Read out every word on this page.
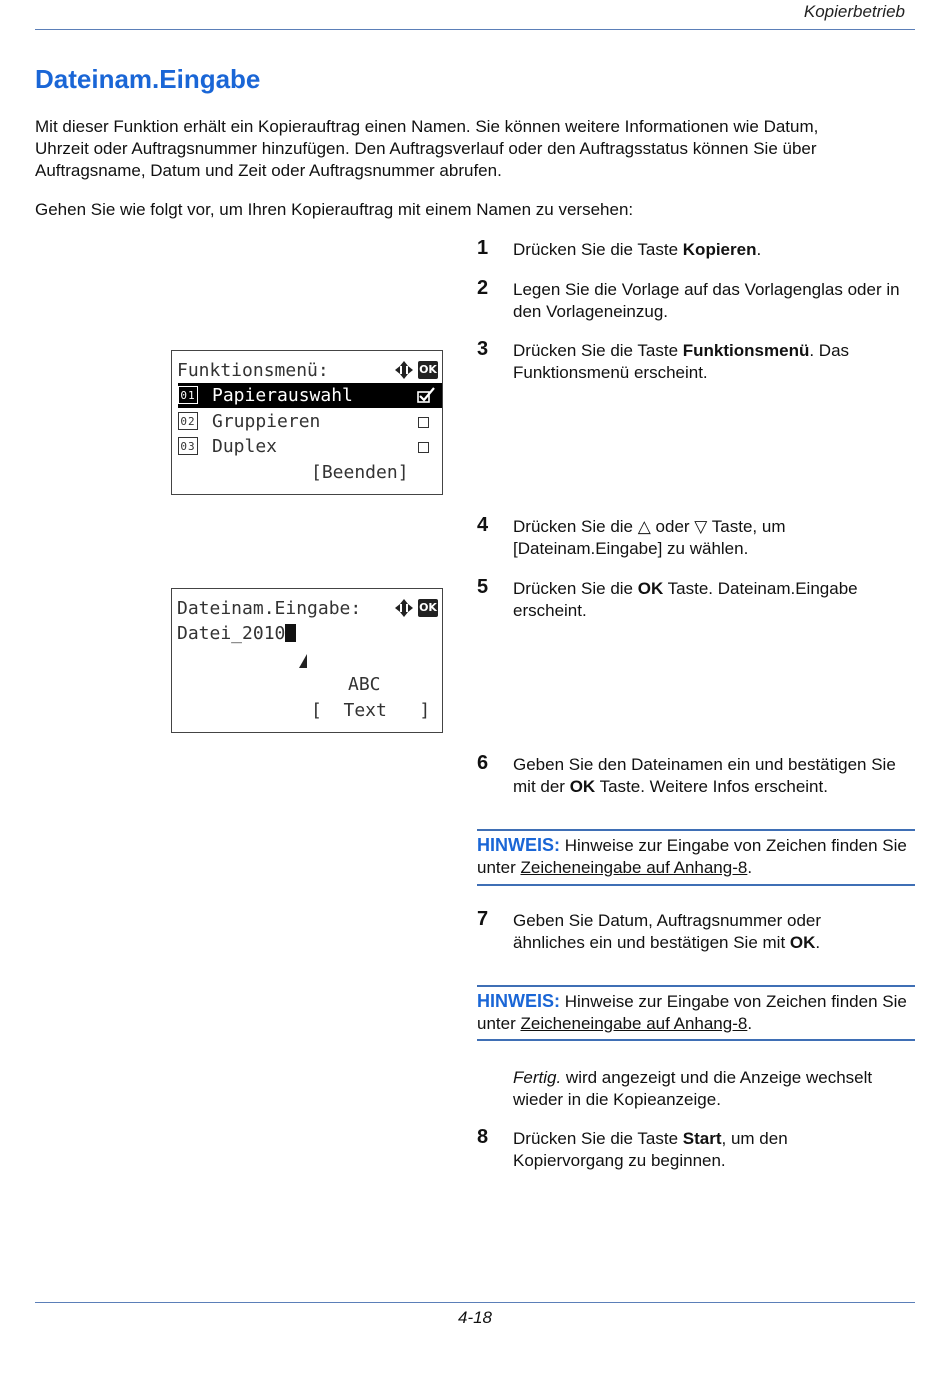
Kopierbetrieb
Dateinam.Eingabe
Mit dieser Funktion erhält ein Kopierauftrag einen Namen. Sie können weitere Informationen wie Datum,
Uhrzeit oder Auftragsnummer hinzufügen. Den Auftragsverlauf oder den Auftragsstatus können Sie über
Auftragsname, Datum und Zeit oder Auftragsnummer abrufen.
Gehen Sie wie folgt vor, um Ihren Kopierauftrag mit einem Namen zu versehen:
1 Drücken Sie die Taste Kopieren.
2 Legen Sie die Vorlage auf das Vorlagenglas oder in den Vorlageneinzug.
3 Drücken Sie die Taste Funktionsmenü. Das Funktionsmenü erscheint.
Funktionsmenü:	OK
01 Papierauswahl
02 Gruppieren
03 Duplex
[Beenden]
4 Drücken Sie die △ oder ▽ Taste, um [Dateinam.Eingabe] zu wählen.
5 Drücken Sie die OK Taste. Dateinam.Eingabe erscheint.
Dateinam.Eingabe:	OK
Datei_2010
ABC
[  Text   ]
6 Geben Sie den Dateinamen ein und bestätigen Sie mit der OK Taste. Weitere Infos erscheint.
HINWEIS: Hinweise zur Eingabe von Zeichen finden Sie unter Zeicheneingabe auf Anhang-8.
7 Geben Sie Datum, Auftragsnummer oder ähnliches ein und bestätigen Sie mit OK.
HINWEIS: Hinweise zur Eingabe von Zeichen finden Sie unter Zeicheneingabe auf Anhang-8.
Fertig. wird angezeigt und die Anzeige wechselt wieder in die Kopieanzeige.
8 Drücken Sie die Taste Start, um den Kopiervorgang zu beginnen.
4-18
